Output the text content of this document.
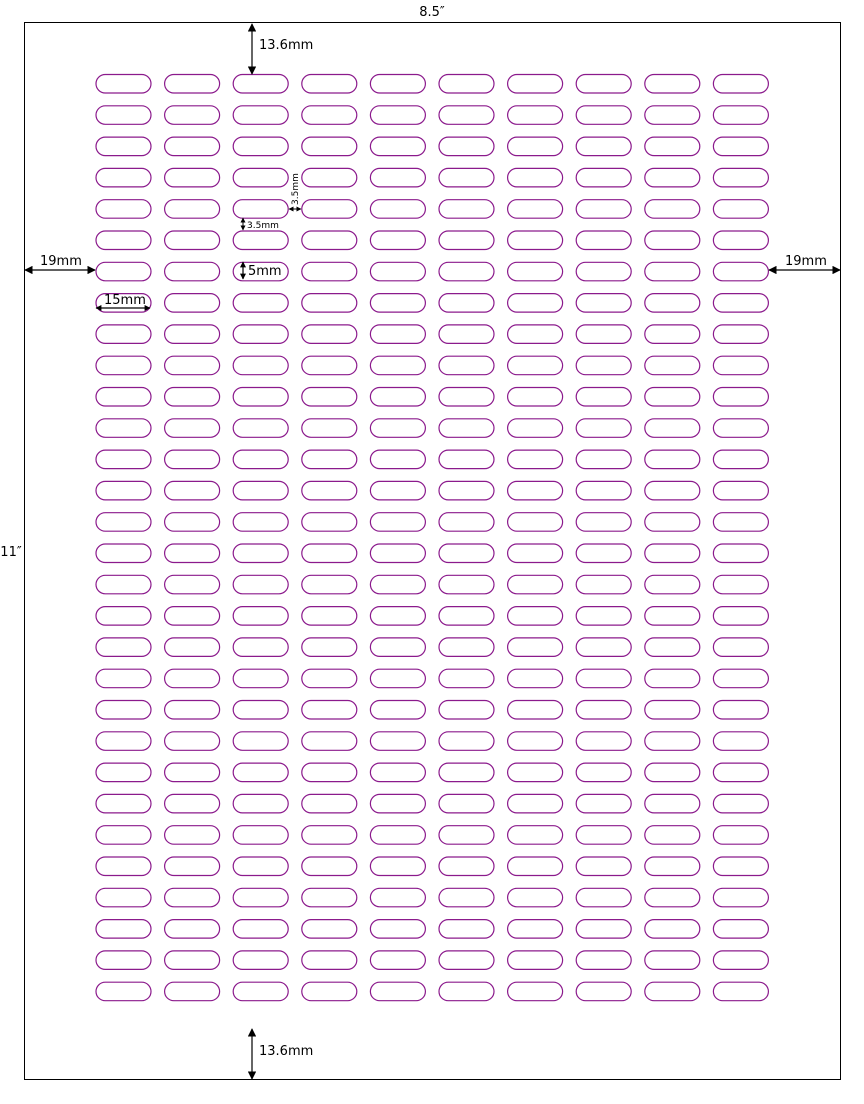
8.5″
11″
13.6mm
13.6mm
19mm	19mm
3.5mm
3.5mm
5mm
15mm
